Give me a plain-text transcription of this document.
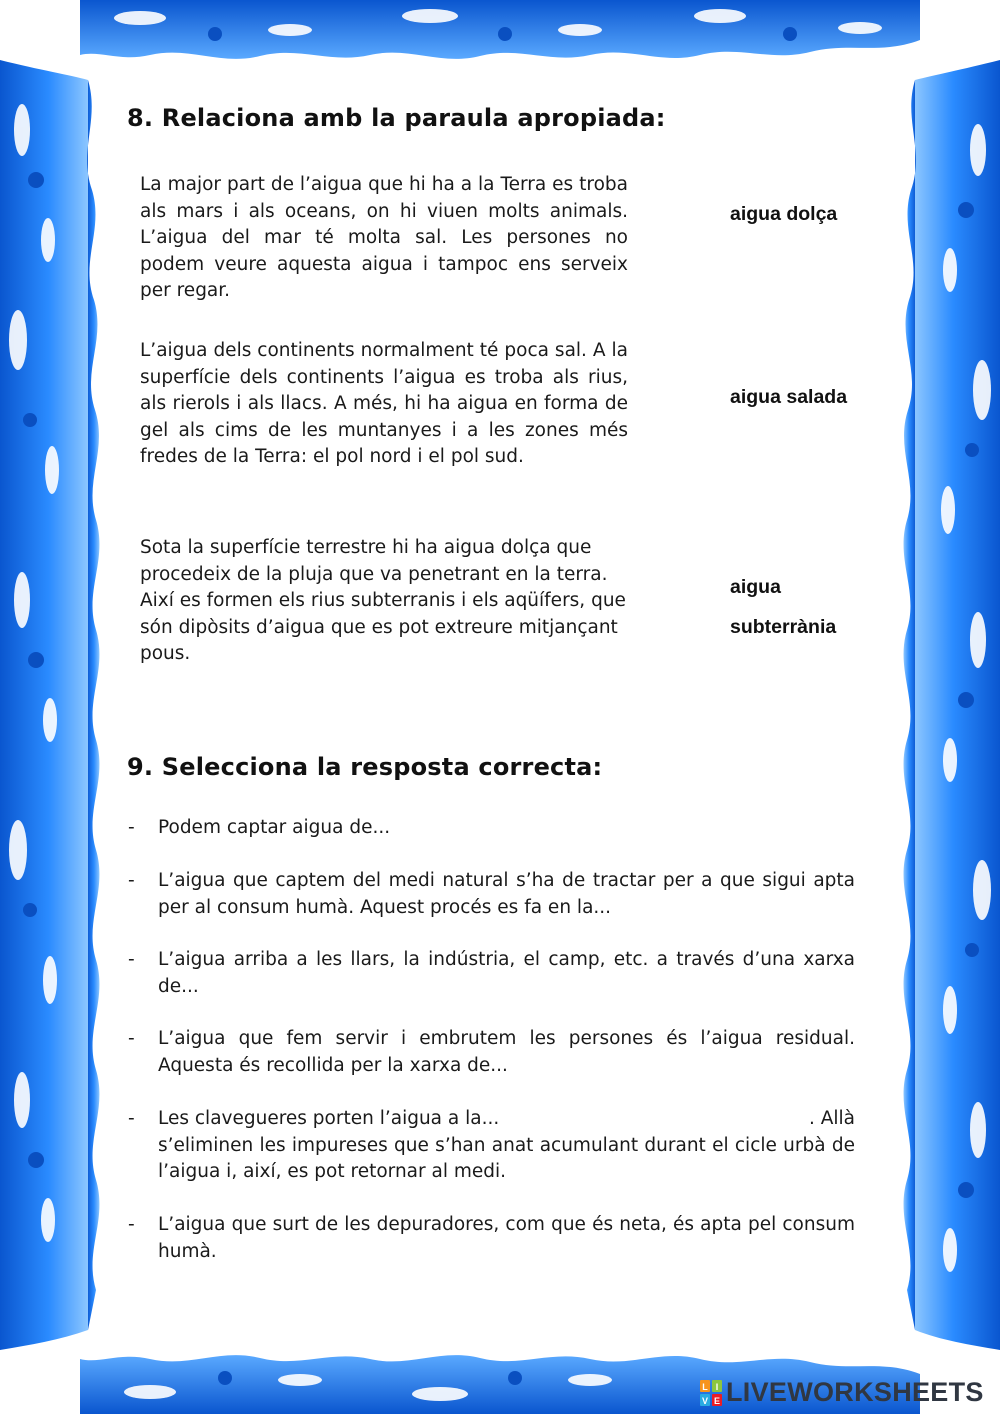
8. Relaciona amb la paraula apropiada:

La major part de l’aigua que hi ha a la Terra es troba als mars i als oceans, on hi viuen molts animals. L’aigua del mar té molta sal. Les persones no podem veure aquesta aigua i tampoc ens serveix per regar.

L’aigua dels continents normalment té poca sal. A la superfície dels continents l’aigua es troba als rius, als rierols i als llacs. A més, hi ha aigua en forma de gel als cims de les muntanyes i a les zones més fredes de la Terra: el pol nord i el pol sud.

Sota la superfície terrestre hi ha aigua dolça que procedeix de la pluja que va penetrant en la terra. Així es formen els rius subterranis i els aqüífers, que són dipòsits d’aigua que es pot extreure mitjançant pous.

aigua dolça
aigua salada
aigua
subterrània
9. Selecciona la resposta correcta:
- Podem captar aigua de...
- L’aigua que captem del medi natural s’ha de tractar per a que sigui apta per al consum humà. Aquest procés es fa en la...
- L’aigua arriba a les llars, la indústria, el camp, etc. a través d’una xarxa de...
- L’aigua que fem servir i embrutem les persones és l’aigua residual. Aquesta és recollida per la xarxa de...
- Les clavegueres porten l’aigua a la...	. Allà
s’eliminen les impureses que s’han anat acumulant durant el cicle urbà de l’aigua i, així, es pot retornar al medi.
- L’aigua que surt de les depuradores, com que és neta, és apta pel consum humà.
L I
V E LIVEWORKSHEETS
